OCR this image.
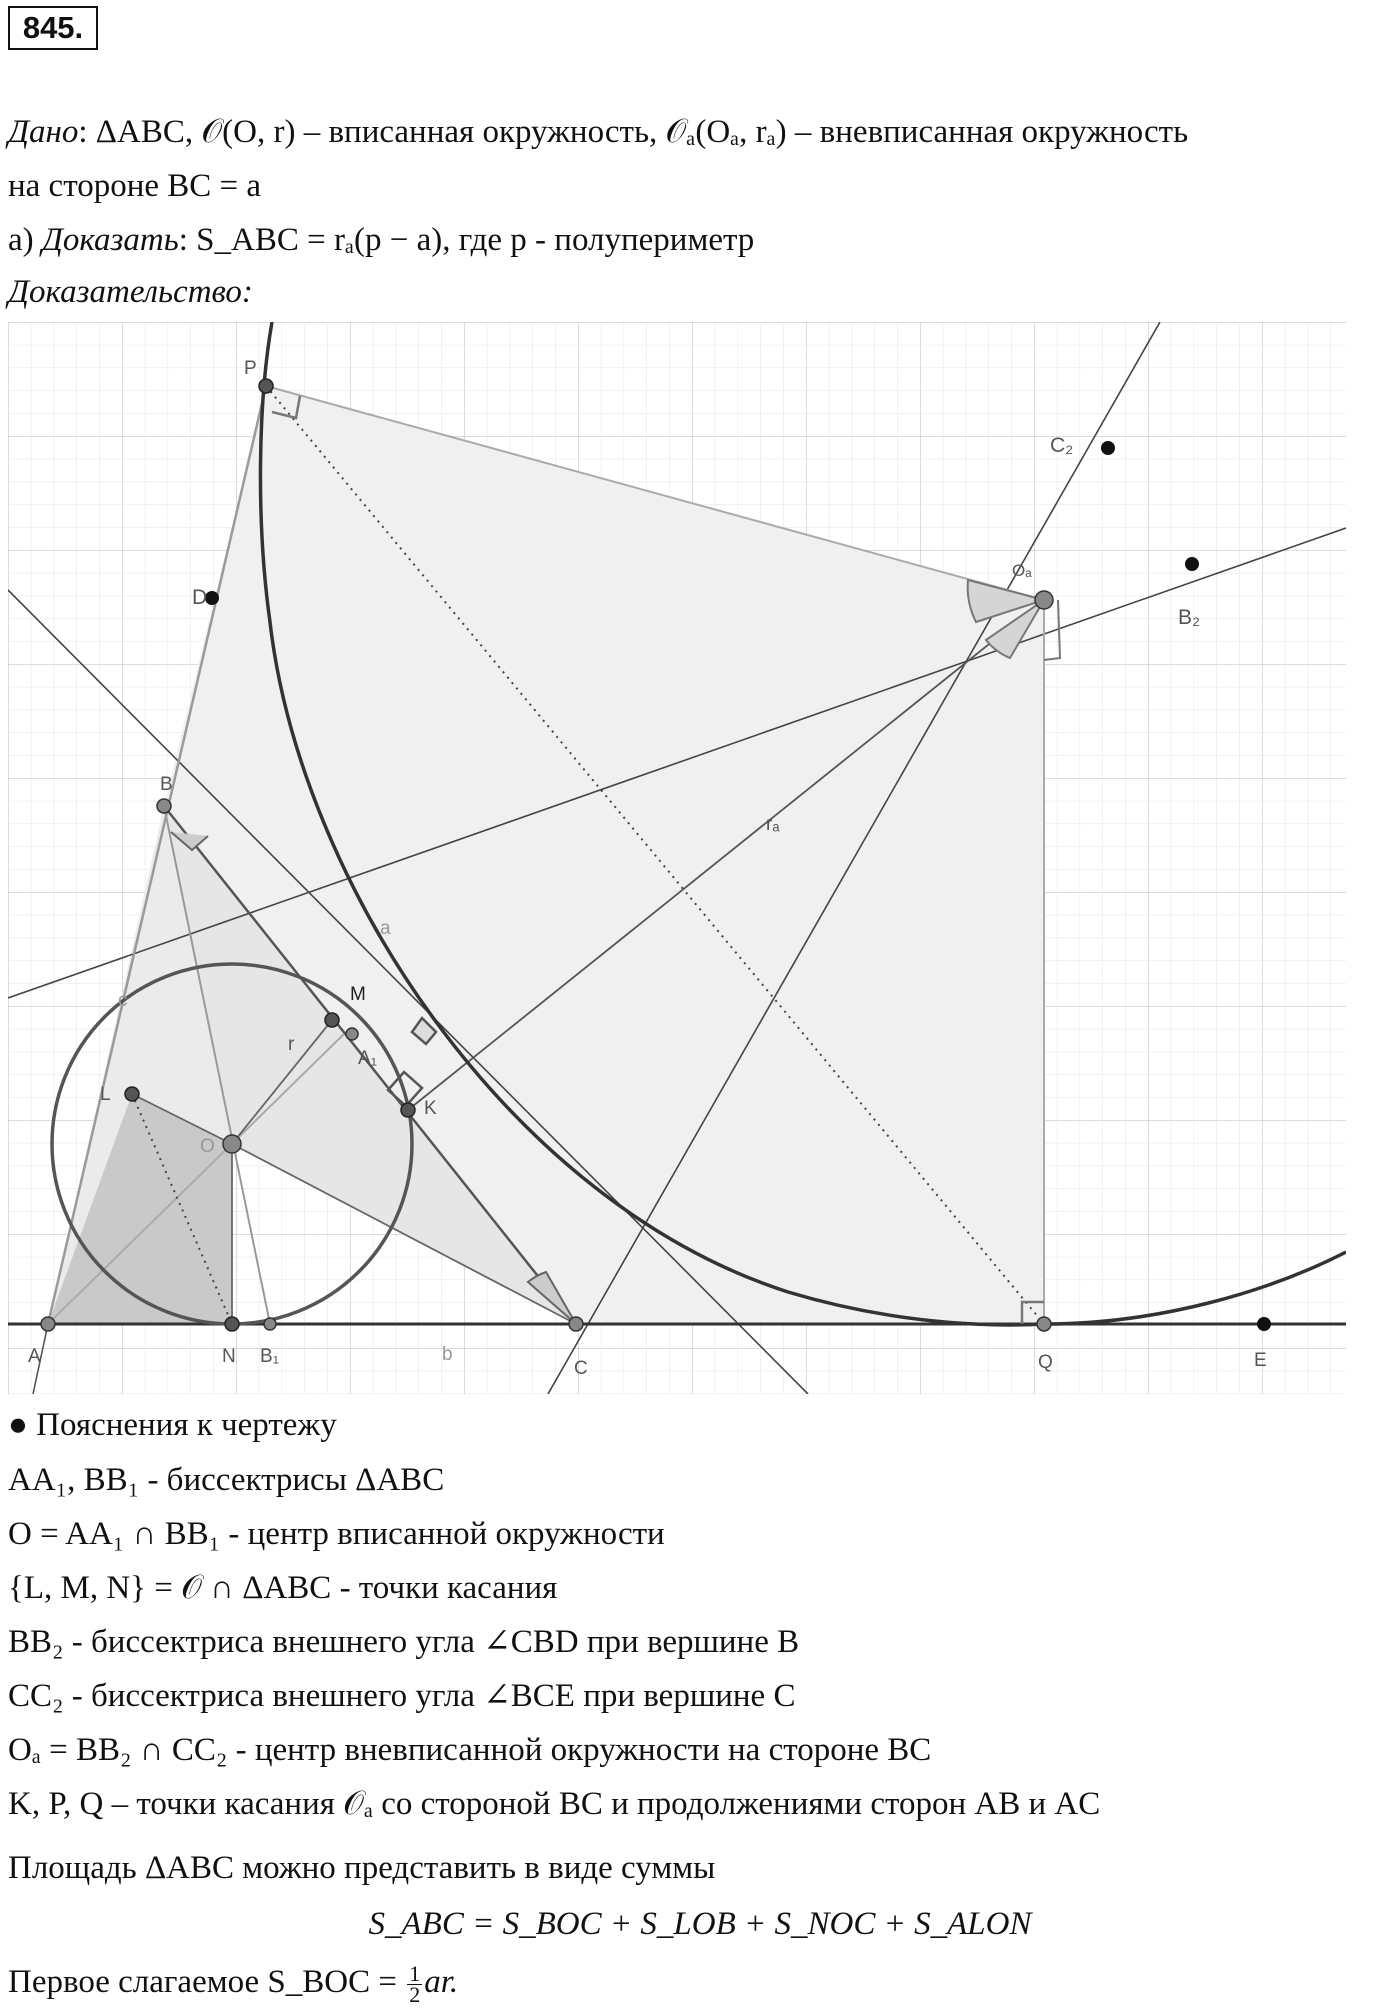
845.
Дано: ΔABC, 𝒪(O, r) – вписанная окружность, 𝒪ₐ(Oₐ, rₐ) – вневписанная окружность
на стороне BC = a
а) Доказать: S_ABC = rₐ(p − a), где p - полупериметр
Доказательство:
P
C₂
Oₐ
B₂
D
B
rₐ
a
c	M
A₁
r
L
K
O
A	N B₁	b
C	Q	E
● Пояснения к чертежу
AA₁, BB₁ - биссектрисы ΔABC
O = AA₁ ∩ BB₁ - центр вписанной окружности
{L, M, N} = 𝒪 ∩ ΔABC - точки касания
BB₂ - биссектриса внешнего угла ∠CBD при вершине B
CC₂ - биссектриса внешнего угла ∠BCE при вершине C
Oₐ = BB₂ ∩ CC₂ - центр вневписанной окружности на стороне BC
K, P, Q – точки касания 𝒪ₐ со стороной BC и продолжениями сторон AB и AC
Площадь ΔABC можно представить в виде суммы
S_ABC = S_BOC + S_LOB + S_NOC + S_ALON
Первое слагаемое S_BOC = $\frac{1}{2}$ ar.
